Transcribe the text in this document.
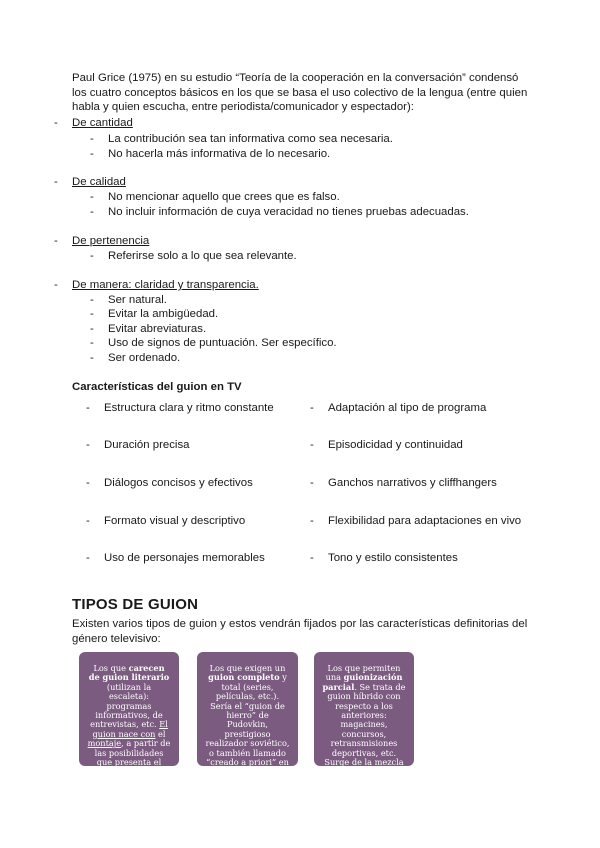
Paul Grice (1975) en su estudio “Teoría de la cooperación en la conversación” condensó los cuatro conceptos básicos en los que se basa el uso colectivo de la lengua (entre quien habla y quien escucha, entre periodista/comunicador y espectador):

- De cantidad
- La contribución sea tan informativa como sea necesaria.
- No hacerla más informativa de lo necesario.
- De calidad
- No mencionar aquello que crees que es falso.
- No incluir información de cuya veracidad no tienes pruebas adecuadas.
- De pertenencia
- Referirse solo a lo que sea relevante.
- De manera: claridad y transparencia.
- Ser natural.
- Evitar la ambigüedad.
- Evitar abreviaturas.
- Uso de signos de puntuación. Ser específico.
- Ser ordenado.
Características del guion en TV
- Estructura clara y ritmo constante
- Duración precisa
- Diálogos concisos y efectivos
- Formato visual y descriptivo
- Uso de personajes memorables
- Adaptación al tipo de programa
- Episodicidad y continuidad
- Ganchos narrativos y cliffhangers
- Flexibilidad para adaptaciones en vivo
- Tono y estilo consistentes
TIPOS DE GUION
Existen varios tipos de guion y estos vendrán fijados por las características definitorias del género televisivo:
Los que carecen de guion literario (utilizan la escaleta): programas informativos, de entrevistas, etc. El guion nace con el montaje, a partir de las posibilidades que presenta el material.
Los que exigen un guion completo y total (series, películas, etc.). Sería el “guion de hierro” de Pudovkin, prestigioso realizador soviético, o también llamado “creado a priori” en el que todo está previsto.
Los que permiten una guionización parcial. Se trata de guion híbrido con respecto a los anteriores: magacines, concursos, retransmisiones deportivas, etc. Surge de la mezcla entre guion literario y escaleta.
